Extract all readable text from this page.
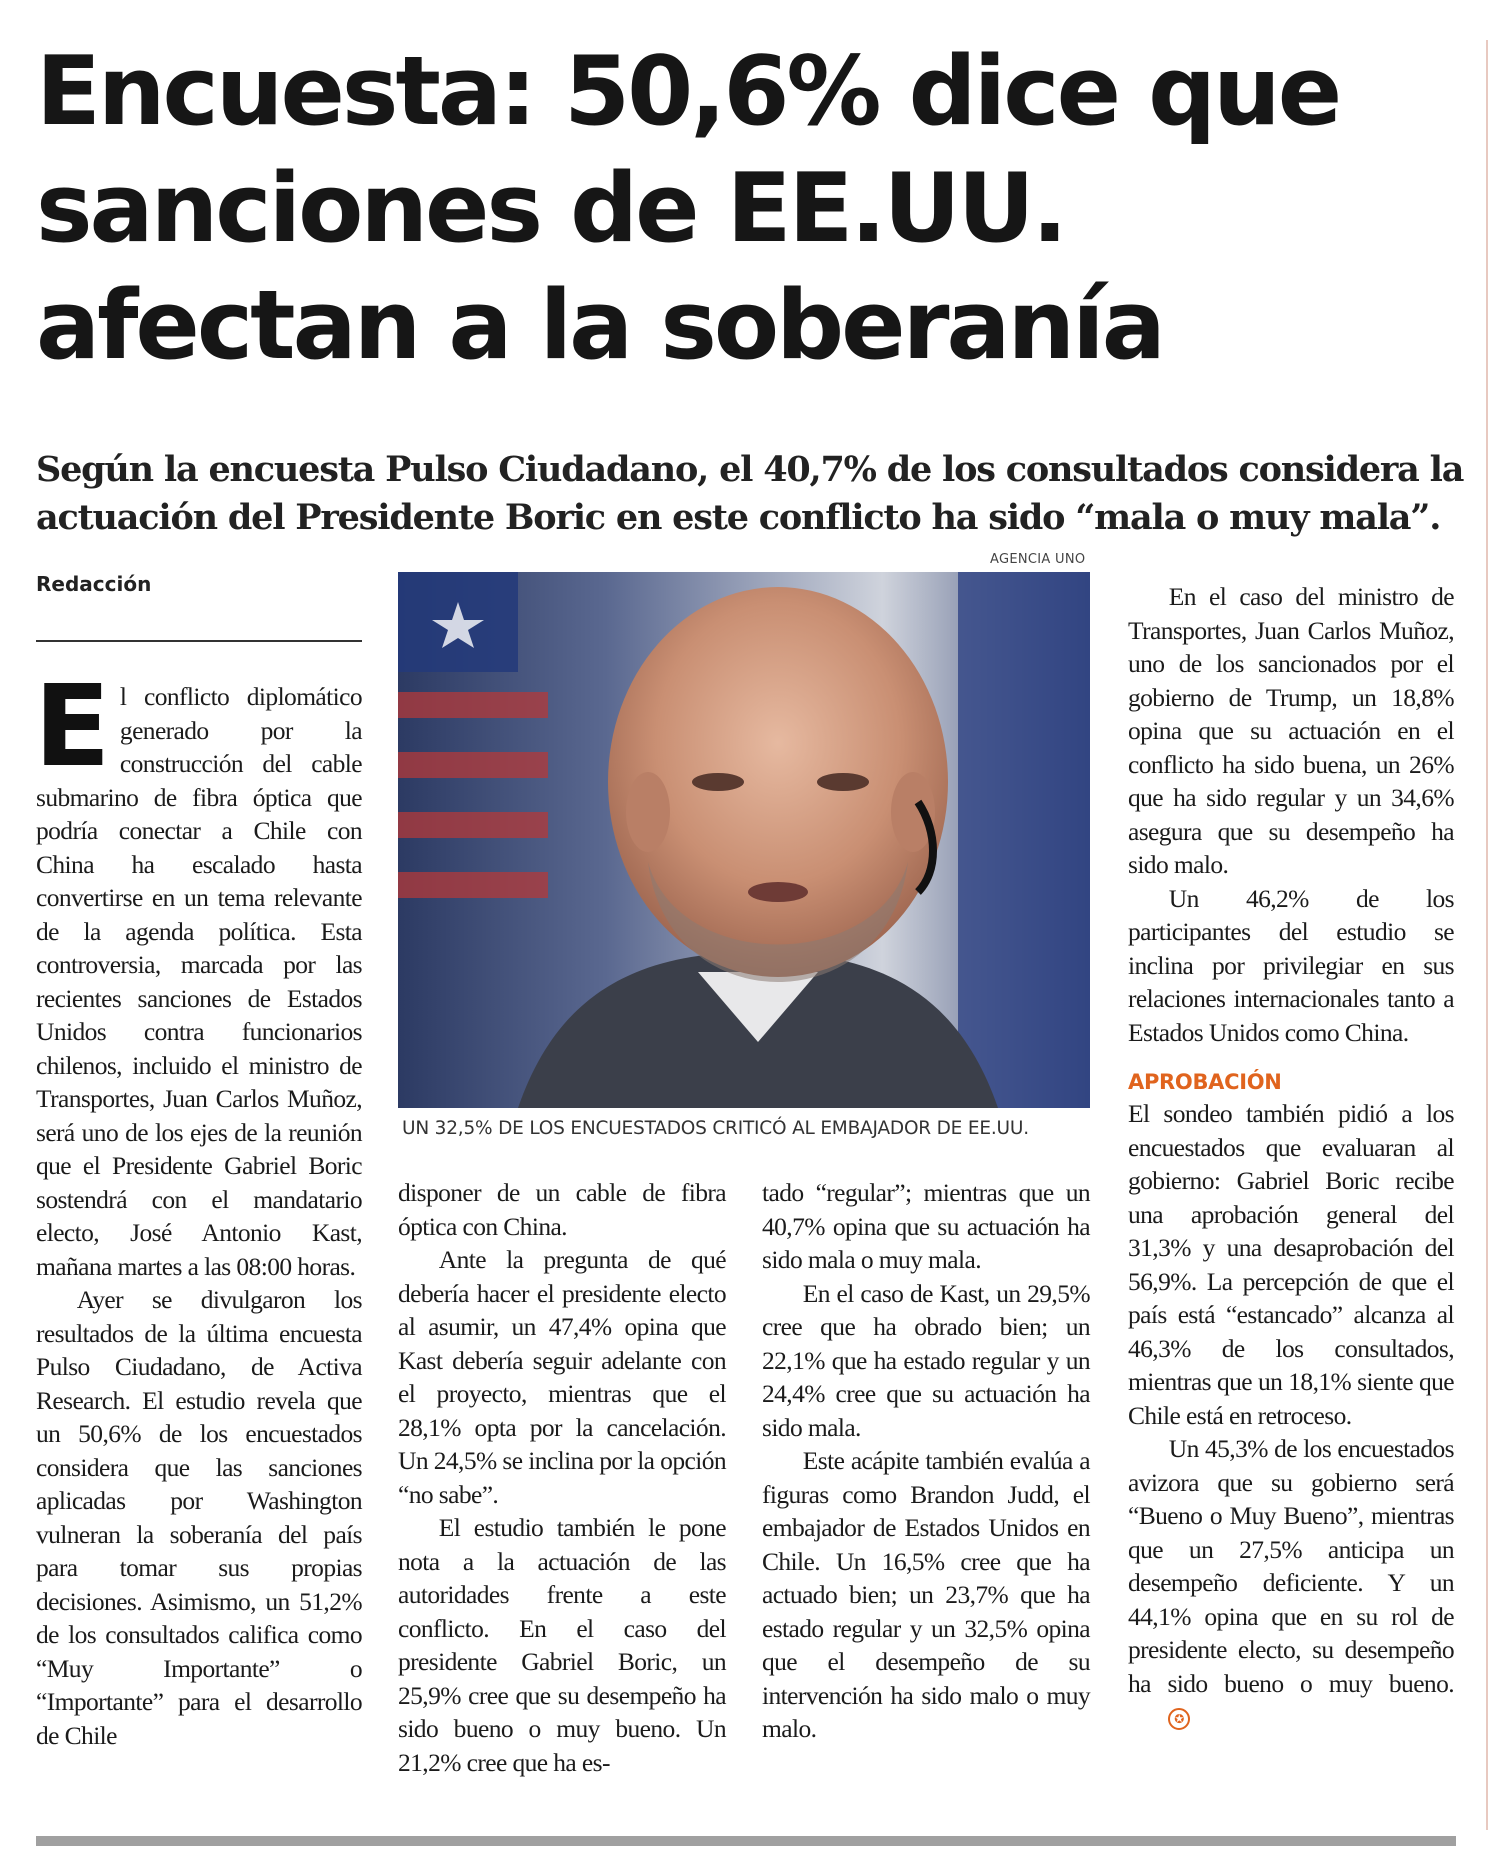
Encuesta: 50,6% dice que
sanciones de EE.UU.
afectan a la soberanía

Según la encuesta Pulso Ciudadano, el 40,7% de los consultados considera la
actuación del Presidente Boric en este conflicto ha sido “mala o muy mala”.

Redacción
AGENCIA UNO
UN 32,5% DE LOS ENCUESTADOS CRITICÓ AL EMBAJADOR DE EE.UU.

El conflicto diplomático generado por la construcción del cable submarino de fibra óptica que podría conectar a Chile con China ha escalado hasta convertirse en un tema relevante de la agenda política. Esta controversia, marcada por las recientes sanciones de Estados Unidos contra funcionarios chilenos, incluido el ministro de Transportes, Juan Carlos Muñoz, será uno de los ejes de la reunión que el Presidente Gabriel Boric sostendrá con el mandatario electo, José Antonio Kast, mañana martes a las 08:00 horas.

Ayer se divulgaron los resultados de la última encuesta Pulso Ciudadano, de Activa Research. El estudio revela que un 50,6% de los encuestados considera que las sanciones aplicadas por Washington vulneran la soberanía del país para tomar sus propias decisiones. Asimismo, un 51,2% de los consultados califica como “Muy Importante” o “Importante” para el desarrollo de Chile

disponer de un cable de fibra óptica con China.

Ante la pregunta de qué debería hacer el presidente electo al asumir, un 47,4% opina que Kast debería seguir adelante con el proyecto, mientras que el 28,1% opta por la cancelación. Un 24,5% se inclina por la opción “no sabe”.

El estudio también le pone nota a la actuación de las autoridades frente a este conflicto. En el caso del presidente Gabriel Boric, un 25,9% cree que su desempeño ha sido bueno o muy bueno. Un 21,2% cree que ha es-

tado “regular”; mientras que un 40,7% opina que su actuación ha sido mala o muy mala.

En el caso de Kast, un 29,5% cree que ha obrado bien; un 22,1% que ha estado regular y un 24,4% cree que su actuación ha sido mala.

Este acápite también evalúa a figuras como Brandon Judd, el embajador de Estados Unidos en Chile. Un 16,5% cree que ha actuado bien; un 23,7% que ha estado regular y un 32,5% opina que el desempeño de su intervención ha sido malo o muy malo.

En el caso del ministro de Transportes, Juan Carlos Muñoz, uno de los sancionados por el gobierno de Trump, un 18,8% opina que su actuación en el conflicto ha sido buena, un 26% que ha sido regular y un 34,6% asegura que su desempeño ha sido malo.

Un 46,2% de los participantes del estudio se inclina por privilegiar en sus relaciones internacionales tanto a Estados Unidos como China.

APROBACIÓN

El sondeo también pidió a los encuestados que evaluaran al gobierno: Gabriel Boric recibe una aprobación general del 31,3% y una desaprobación del 56,9%. La percepción de que el país está “estancado” alcanza al 46,3% de los consultados, mientras que un 18,1% siente que Chile está en retroceso.

Un 45,3% de los encuestados avizora que su gobierno será “Bueno o Muy Bueno”, mientras que un 27,5% anticipa un desempeño deficiente. Y un 44,1% opina que en su rol de presidente electo, su desempeño ha sido bueno o muy bueno.✪
